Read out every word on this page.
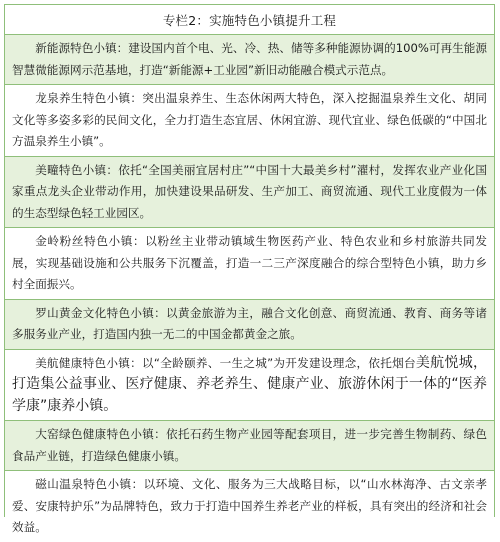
专栏2：实施特色小镇提升工程
新能源特色小镇：建设国内首个电、光、冷、热、储等多种能源协调的100%可再生能源智慧微能源网示范基地，打造“新能源+工业园”新旧动能融合模式示范点。
龙泉养生特色小镇：突出温泉养生、生态休闲两大特色，深入挖掘温泉养生文化、胡同文化等多姿多彩的民间文化，全力打造生态宜居、休闲宜游、现代宜业、绿色低碳的“中国北方温泉养生小镇”。
美疃特色小镇：依托“全国美丽宜居村庄”“中国十大最美乡村”濯村，发挥农业产业化国家重点龙头企业带动作用，加快建设果品研发、生产加工、商贸流通、现代工业度假为一体的生态型绿色轻工业园区。
金岭粉丝特色小镇：以粉丝主业带动镇域生物医药产业、特色农业和乡村旅游共同发展，实现基础设施和公共服务下沉覆盖，打造一二三产深度融合的综合型特色小镇，助力乡村全面振兴。
罗山黄金文化特色小镇：以黄金旅游为主，融合文化创意、商贸流通、教育、商务等诸多服务业产业，打造国内独一无二的中国金都黄金之旅。
美航健康特色小镇：以“全龄颐养、一生之城”为开发建设理念，依托烟台美航悦城，打造集公益事业、医疗健康、养老养生、健康产业、旅游休闲于一体的“医养学康”康养小镇。
大窑绿色健康特色小镇：依托石药生物产业园等配套项目，进一步完善生物制药、绿色食品产业链，打造绿色健康小镇。
磁山温泉特色小镇：以环境、文化、服务为三大战略目标，以“山水林海净、古文亲孝爱、安康特护乐”为品牌特色，致力于打造中国养生养老产业的样板，具有突出的经济和社会效益。
